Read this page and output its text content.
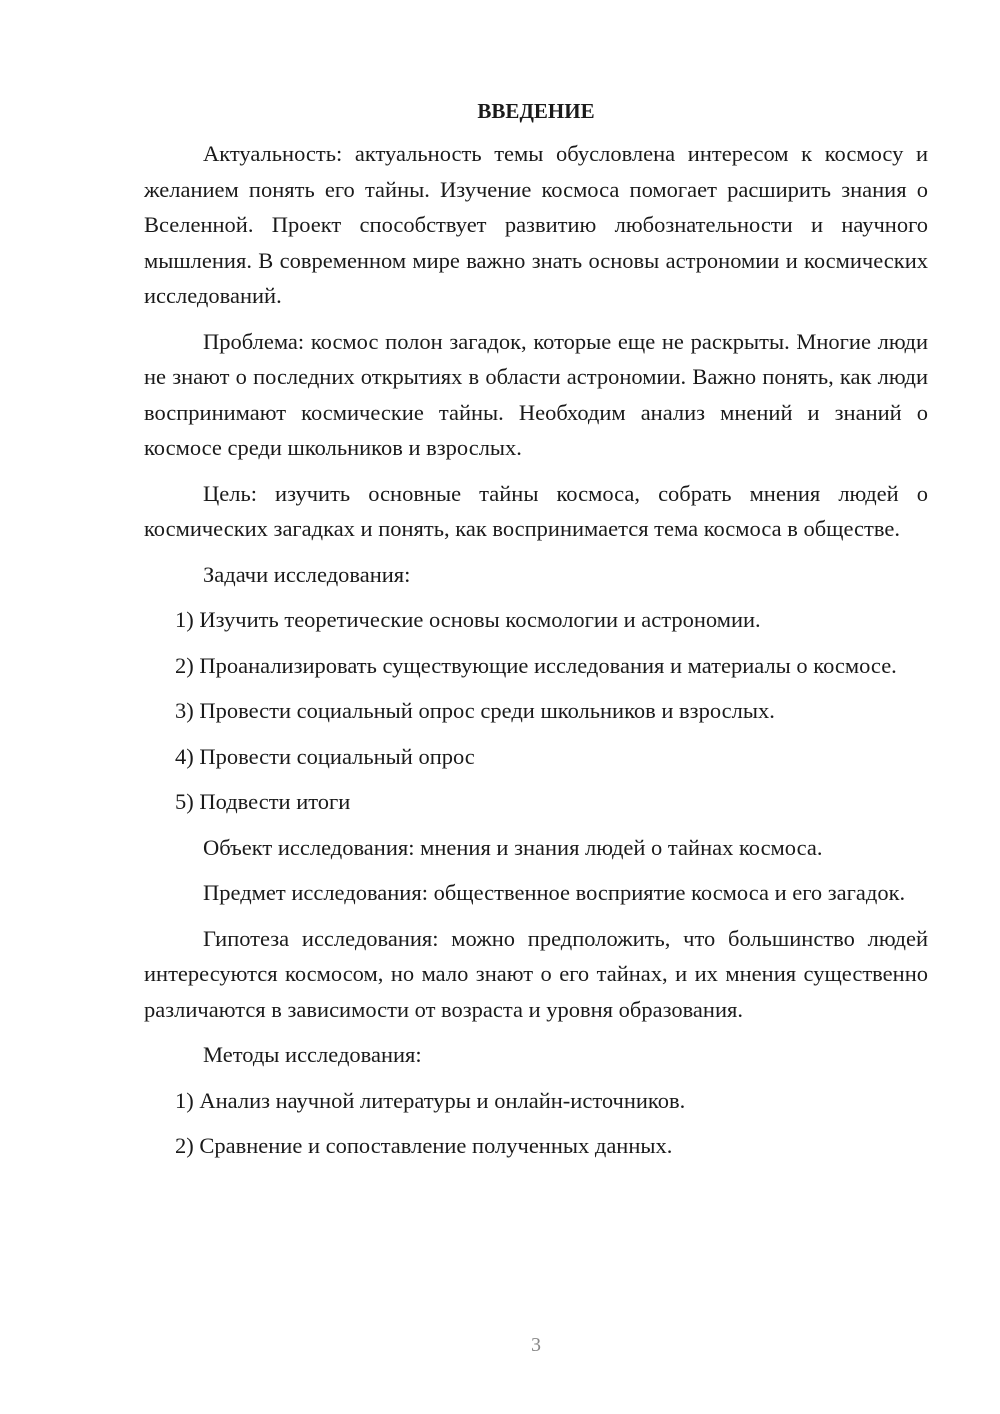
ВВЕДЕНИЕ

Актуальность: актуальность темы обусловлена интересом к космосу и желанием понять его тайны. Изучение космоса помогает расширить знания о Вселенной. Проект способствует развитию любознательности и научного мышления. В современном мире важно знать основы астрономии и космических исследований.

Проблема: космос полон загадок, которые еще не раскрыты. Многие люди не знают о последних открытиях в области астрономии. Важно понять, как люди воспринимают космические тайны. Необходим анализ мнений и знаний о космосе среди школьников и взрослых.

Цель: изучить основные тайны космоса, собрать мнения людей о космических загадках и понять, как воспринимается тема космоса в обществе.

Задачи исследования:

1) Изучить теоретические основы космологии и астрономии.

2) Проанализировать существующие исследования и материалы о космосе.

3) Провести социальный опрос среди школьников и взрослых.

4) Провести социальный опрос

5) Подвести итоги

Объект исследования: мнения и знания людей о тайнах космоса.

Предмет исследования: общественное восприятие космоса и его загадок.

Гипотеза исследования: можно предположить, что большинство людей интересуются космосом, но мало знают о его тайнах, и их мнения существенно различаются в зависимости от возраста и уровня образования.

Методы исследования:

1) Анализ научной литературы и онлайн-источников.

2) Сравнение и сопоставление полученных данных.

3
